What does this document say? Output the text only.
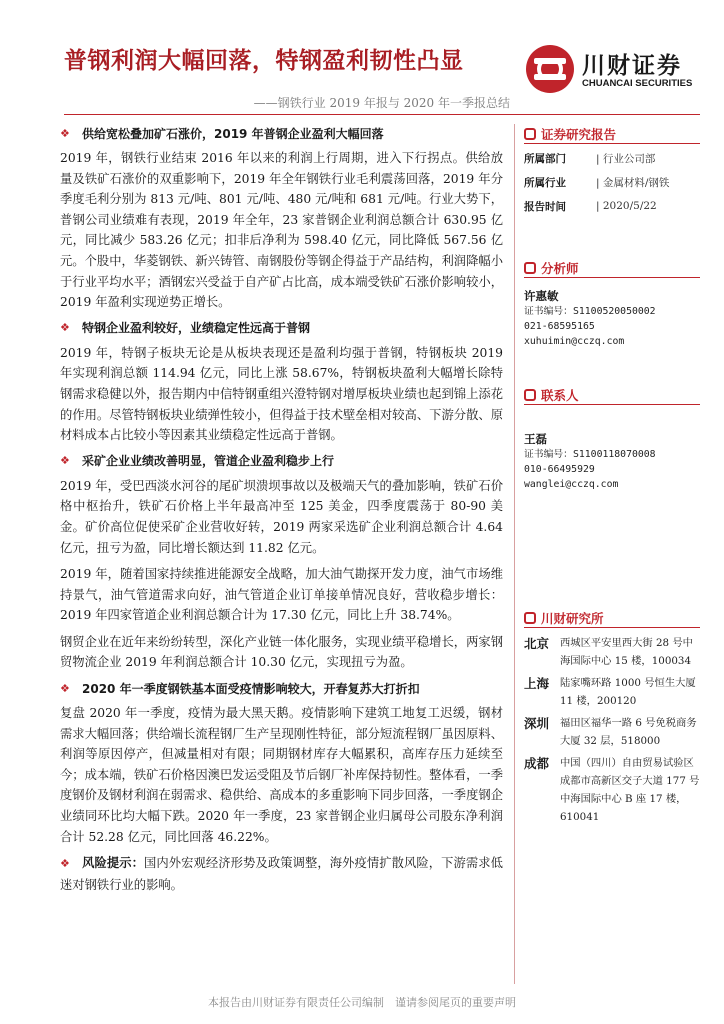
普钢利润大幅回落，特钢盈利韧性凸显
——钢铁行业 2019 年报与 2020 年一季报总结
川财证券
CHUANCAI SECURITIES
❖	供给宽松叠加矿石涨价，2019 年普钢企业盈利大幅回落

2019 年，钢铁行业结束 2016 年以来的利润上行周期，进入下行拐点。供给放量及铁矿石涨价的双重影响下，2019 年全年钢铁行业毛利震荡回落，2019 年分季度毛利分别为 813 元/吨、801 元/吨、480 元/吨和 681 元/吨。行业大势下，普钢公司业绩难有表现，2019 年全年，23 家普钢企业利润总额合计 630.95 亿元，同比减少 583.26 亿元；扣非后净利为 598.40 亿元，同比降低 567.56 亿元。个股中，华菱钢铁、新兴铸管、南钢股份等钢企得益于产品结构，利润降幅小于行业平均水平；酒钢宏兴受益于自产矿占比高，成本端受铁矿石涨价影响较小，2019 年盈利实现逆势正增长。

❖	特钢企业盈利较好，业绩稳定性远高于普钢

2019 年，特钢子板块无论是从板块表现还是盈利均强于普钢，特钢板块 2019 年实现利润总额 114.94 亿元，同比上涨 58.67%，特钢板块盈利大幅增长除特钢需求稳健以外，报告期内中信特钢重组兴澄特钢对增厚板块业绩也起到锦上添花的作用。尽管特钢板块业绩弹性较小，但得益于技术壁垒相对较高、下游分散、原材料成本占比较小等因素其业绩稳定性远高于普钢。

❖	采矿企业业绩改善明显，管道企业盈利稳步上行

2019 年，受巴西淡水河谷的尾矿坝溃坝事故以及极端天气的叠加影响，铁矿石价格中枢抬升，铁矿石价格上半年最高冲至 125 美金，四季度震荡于 80-90 美金。矿价高位促使采矿企业营收好转，2019 两家采选矿企业利润总额合计 4.64 亿元，扭亏为盈，同比增长额达到 11.82 亿元。

2019 年，随着国家持续推进能源安全战略，加大油气勘探开发力度，油气市场维持景气，油气管道需求向好，油气管道企业订单接单情况良好，营收稳步增长：2019 年四家管道企业利润总额合计为 17.30 亿元，同比上升 38.74%。

钢贸企业在近年来纷纷转型，深化产业链一体化服务，实现业绩平稳增长，两家钢贸物流企业 2019 年利润总额合计 10.30 亿元，实现扭亏为盈。

❖	2020 年一季度钢铁基本面受疫情影响较大，开春复苏大打折扣

复盘 2020 年一季度，疫情为最大黑天鹅。疫情影响下建筑工地复工迟缓，钢材需求大幅回落；供给端长流程钢厂生产呈现刚性特征，部分短流程钢厂虽因原料、利润等原因停产，但减量相对有限；同期钢材库存大幅累积，高库存压力延续至今；成本端，铁矿石价格因澳巴发运受阻及节后钢厂补库保持韧性。整体看，一季度钢价及钢材利润在弱需求、稳供给、高成本的多重影响下同步回落，一季度钢企业绩同环比均大幅下跌。2020 年一季度，23 家普钢企业归属母公司股东净利润合计 52.28 亿元，同比回落 46.22%。

❖ 风险提示：国内外宏观经济形势及政策调整，海外疫情扩散风险，下游需求低迷对钢铁行业的影响。
证券研究报告
所属部门	| 行业公司部
所属行业	| 金属材料/钢铁
报告时间	| 2020/5/22
分析师
许惠敏
证书编号：S1100520050002
021-68595165
xuhuimin@cczq.com
联系人
王磊
证书编号：S1100118070008
010-66495929
wanglei@cczq.com
川财研究所
北京	西城区平安里西大街 28 号中海国际中心 15 楼，100034
上海	陆家嘴环路 1000 号恒生大厦 11 楼，200120
深圳	福田区福华一路 6 号免税商务大厦 32 层，518000
成都	中国（四川）自由贸易试验区成都市高新区交子大道 177 号中海国际中心 B 座 17 楼，610041
本报告由川财证券有限责任公司编制　谨请参阅尾页的重要声明
